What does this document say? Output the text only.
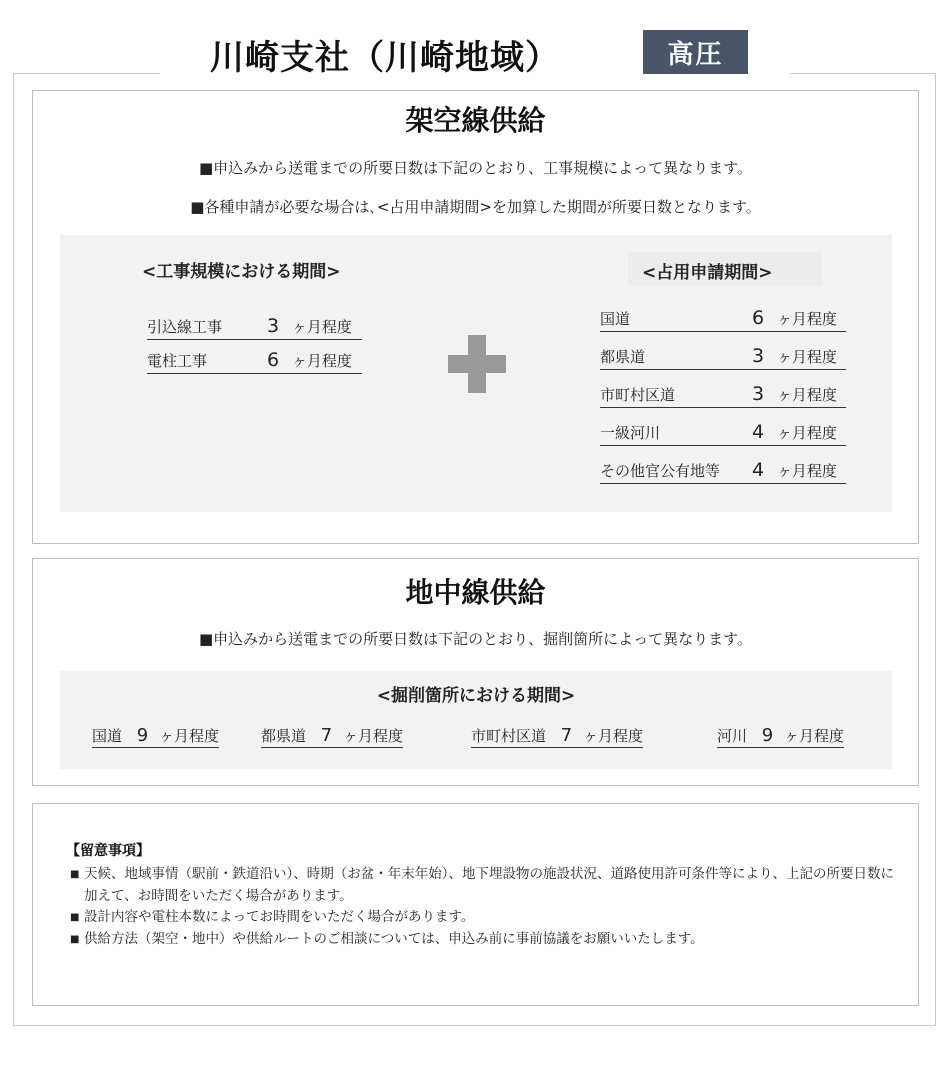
川崎支社（川崎地域）	高圧
架空線供給
■申込みから送電までの所要日数は下記のとおり、工事規模によって異なります。
■各種申請が必要な場合は､<占用申請期間>を加算した期間が所要日数となります。
<工事規模における期間>
引込線工事 3 ヶ月程度
電柱工事	6 ヶ月程度
<占用申請期間>
国道	6 ヶ月程度
都県道	3 ヶ月程度
市町村区道	3 ヶ月程度
一級河川	4 ヶ月程度
その他官公有地等 4 ヶ月程度
地中線供給
■申込みから送電までの所要日数は下記のとおり、掘削箇所によって異なります。
<掘削箇所における期間>
国道 9 ヶ月程度	都県道 7 ヶ月程度	市町村区道 7 ヶ月程度	河川 9 ヶ月程度
【留意事項】
■ 天候、地域事情（駅前・鉄道沿い）、時期（お盆・年末年始）、地下埋設物の施設状況、道路使用許可条件等により、上記の所要日数に加えて、お時間をいただく場合があります。
■ 設計内容や電柱本数によってお時間をいただく場合があります。
■ 供給方法（架空・地中）や供給ルートのご相談については、申込み前に事前協議をお願いいたします。
